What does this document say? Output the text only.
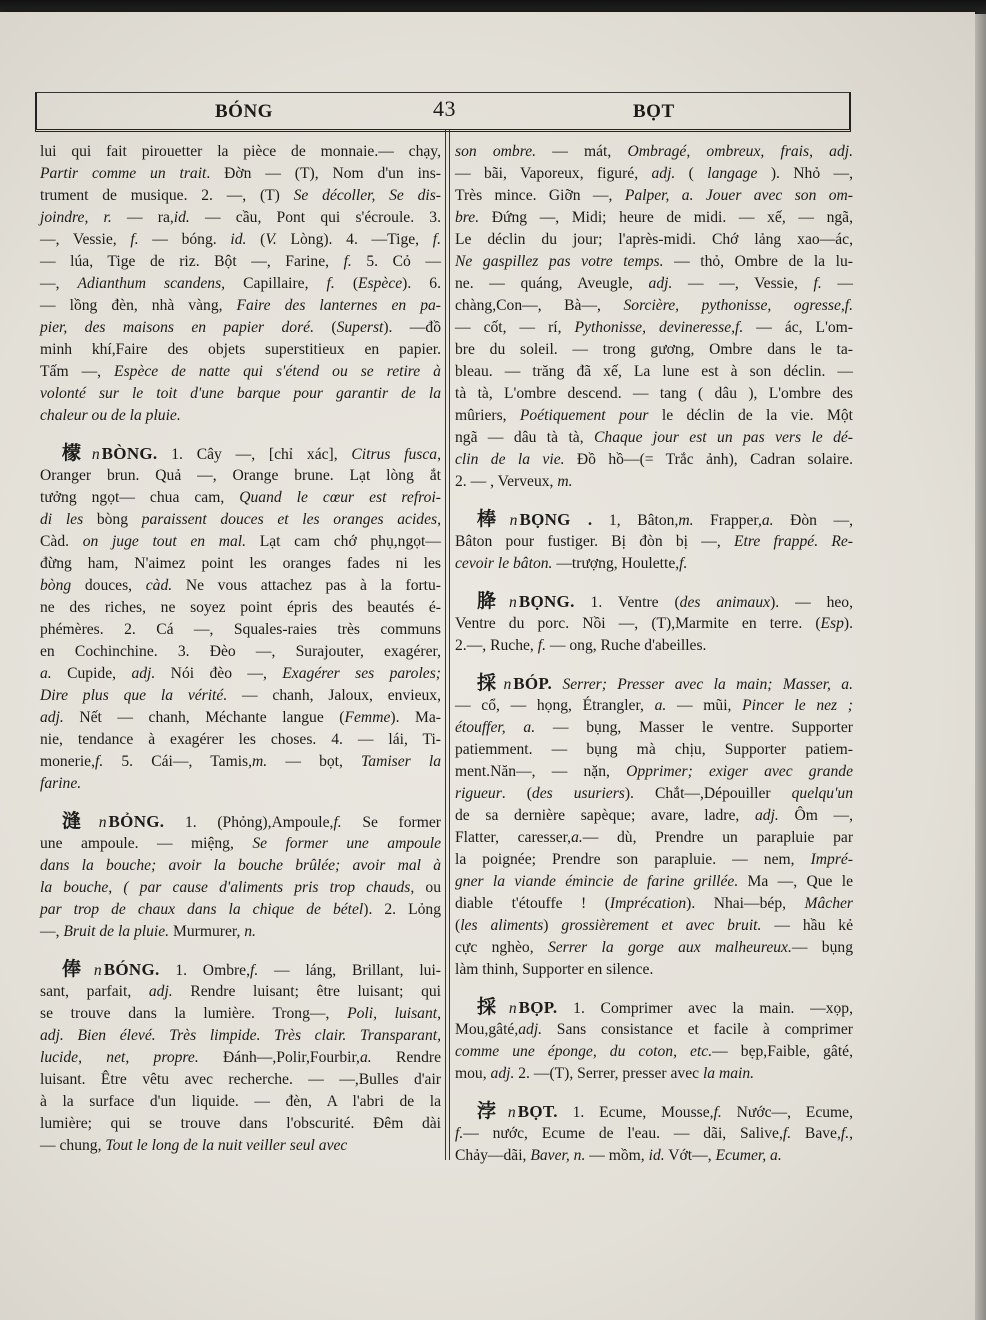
BÓNG	43	BỌT
lui qui fait pirouetter la pièce de monnaie.— chạy,
Partir comme un trait. Đờn — (T), Nom d'un ins-
trument de musique. 2. —, (T) Se décoller, Se dis-
joindre, r. — ra,id. — cầu, Pont qui s'écroule. 3.
—, Vessie, f. — bóng. id. (V. Lòng). 4. —Tige, f.
— lúa, Tige de riz. Bột —, Farine, f. 5. Cỏ —
—, Adianthum scandens, Capillaire, f. (Espèce). 6.
— lồng đèn, nhà vàng, Faire des lanternes en pa-
pier, des maisons en papier doré. (Superst). —đồ
minh khí,Faire des objets superstitieux en papier.
Tấm —, Espèce de natte qui s'étend ou se retire à
volonté sur le toit d'une barque pour garantir de la
chaleur ou de la pluie.
檬n BÒNG. 1. Cây —, [chỉ xác], Citrus fusca,
Oranger brun. Quả —, Orange brune. Lạt lòng ắt
tưởng ngọt— chua cam, Quand le cœur est refroi-
di les bòng paraissent douces et les oranges acides,
Càd. on juge tout en mal. Lạt cam chớ phụ,ngọt—
đừng ham, N'aimez point les oranges fades ni les
bòng douces, càd. Ne vous attachez pas à la fortu-
ne des riches, ne soyez point épris des beautés é-
phémères. 2. Cá —, Squales-raies très communs
en Cochinchine. 3. Đèo —, Surajouter, exagérer,
a. Cupide, adj. Nói đèo —, Exagérer ses paroles;
Dire plus que la vérité. — chanh, Jaloux, envieux,
adj. Nết — chanh, Méchante langue (Femme). Ma-
nie, tendance à exagérer les choses. 4. — lái, Ti-
monerie,f. 5. Cái—, Tamis,m. — bọt, Tamiser la
farine.
漨n BỎNG. 1. (Phỏng),Ampoule,f. Se former
une ampoule. — miệng, Se former une ampoule
dans la bouche; avoir la bouche brûlée; avoir mal à
la bouche, ( par cause d'aliments pris trop chauds, ou
par trop de chaux dans la chique de bétel). 2. Lỏng
—, Bruit de la pluie. Murmurer, n.
俸n BÓNG. 1. Ombre,f. — láng, Brillant, lui-
sant, parfait, adj. Rendre luisant; être luisant; qui
se trouve dans la lumière. Trong—, Poli, luisant,
adj. Bien élevé. Très limpide. Très clair. Transparant,
lucide, net, propre. Đánh—,Polir,Fourbir,a. Rendre
luisant. Être vêtu avec recherche. — —,Bulles d'air
à la surface d'un liquide. — đèn, A l'abri de la
lumière; qui se trouve dans l'obscurité. Đêm dài
— chung, Tout le long de la nuit veiller seul avec
son ombre. — mát, Ombragé, ombreux, frais, adj.
— bãi, Vaporeux, figuré, adj. ( langage ). Nhỏ —,
Très mince. Giỡn —, Palper, a. Jouer avec son om-
bre. Đứng —, Midi; heure de midi. — xế, — ngã,
Le déclin du jour; l'après-midi. Chớ lảng xao—ác,
Ne gaspillez pas votre temps. — thỏ, Ombre de la lu-
ne. — quáng, Aveugle, adj. — —, Vessie, f. —
chàng,Con—, Bà—, Sorcière, pythonisse, ogresse,f.
— cốt, — rí, Pythonisse, devineresse,f. — ác, L'om-
bre du soleil. — trong gương, Ombre dans le ta-
bleau. — trăng đã xế, La lune est à son déclin. —
tà tà, L'ombre descend. — tang ( dâu ), L'ombre des
mûriers, Poétiquement pour le déclin de la vie. Một
ngã — dâu tà tà, Chaque jour est un pas vers le dé-
clin de la vie. Đồ hồ—(= Trắc ảnh), Cadran solaire.
2. — , Verveux, m.
棒n BỌNG . 1, Bâton,m. Frapper,a. Đòn —,
Bâton pour fustiger. Bị đòn bị —, Etre frappé. Re-
cevoir le bâton. —trượng, Houlette,f.
胮n BỌNG. 1. Ventre (des animaux). — heo,
Ventre du porc. Nồi —, (T),Marmite en terre. (Esp).
2.—, Ruche, f. — ong, Ruche d'abeilles.
採n BÓP. Serrer; Presser avec la main; Masser, a.
— cổ, — họng, Étrangler, a. — mũi, Pincer le nez ;
étouffer, a. — bụng, Masser le ventre. Supporter
patiemment. — bụng mà chịu, Supporter patiem-
ment.Năn—, — nặn, Opprimer; exiger avec grande
rigueur. (des usuriers). Chắt—,Dépouiller quelqu'un
de sa dernière sapèque; avare, ladre, adj. Ôm —,
Flatter, caresser,a.— dù, Prendre un parapluie par
la poignée; Prendre son parapluie. — nem, Impré-
gner la viande émincie de farine grillée. Ma —, Que le
diable t'étouffe ! (Imprécation). Nhai—bép, Mâcher
(les aliments) grossièrement et avec bruit. — hầu kẻ
cực nghèo, Serrer la gorge aux malheureux.— bụng
làm thinh, Supporter en silence.
採n BỌP. 1. Comprimer avec la main. —xọp,
Mou,gâté,adj. Sans consistance et facile à comprimer
comme une éponge, du coton, etc.— bẹp,Faible, gâté,
mou, adj. 2. —(T), Serrer, presser avec la main.
浡n BỌT. 1. Ecume, Mousse,f. Nước—, Ecume,
f.— nước, Ecume de l'eau. — dãi, Salive,f. Bave,f.,
Chảy—dãi, Baver, n. — mồm, id. Vớt—, Ecumer, a.
